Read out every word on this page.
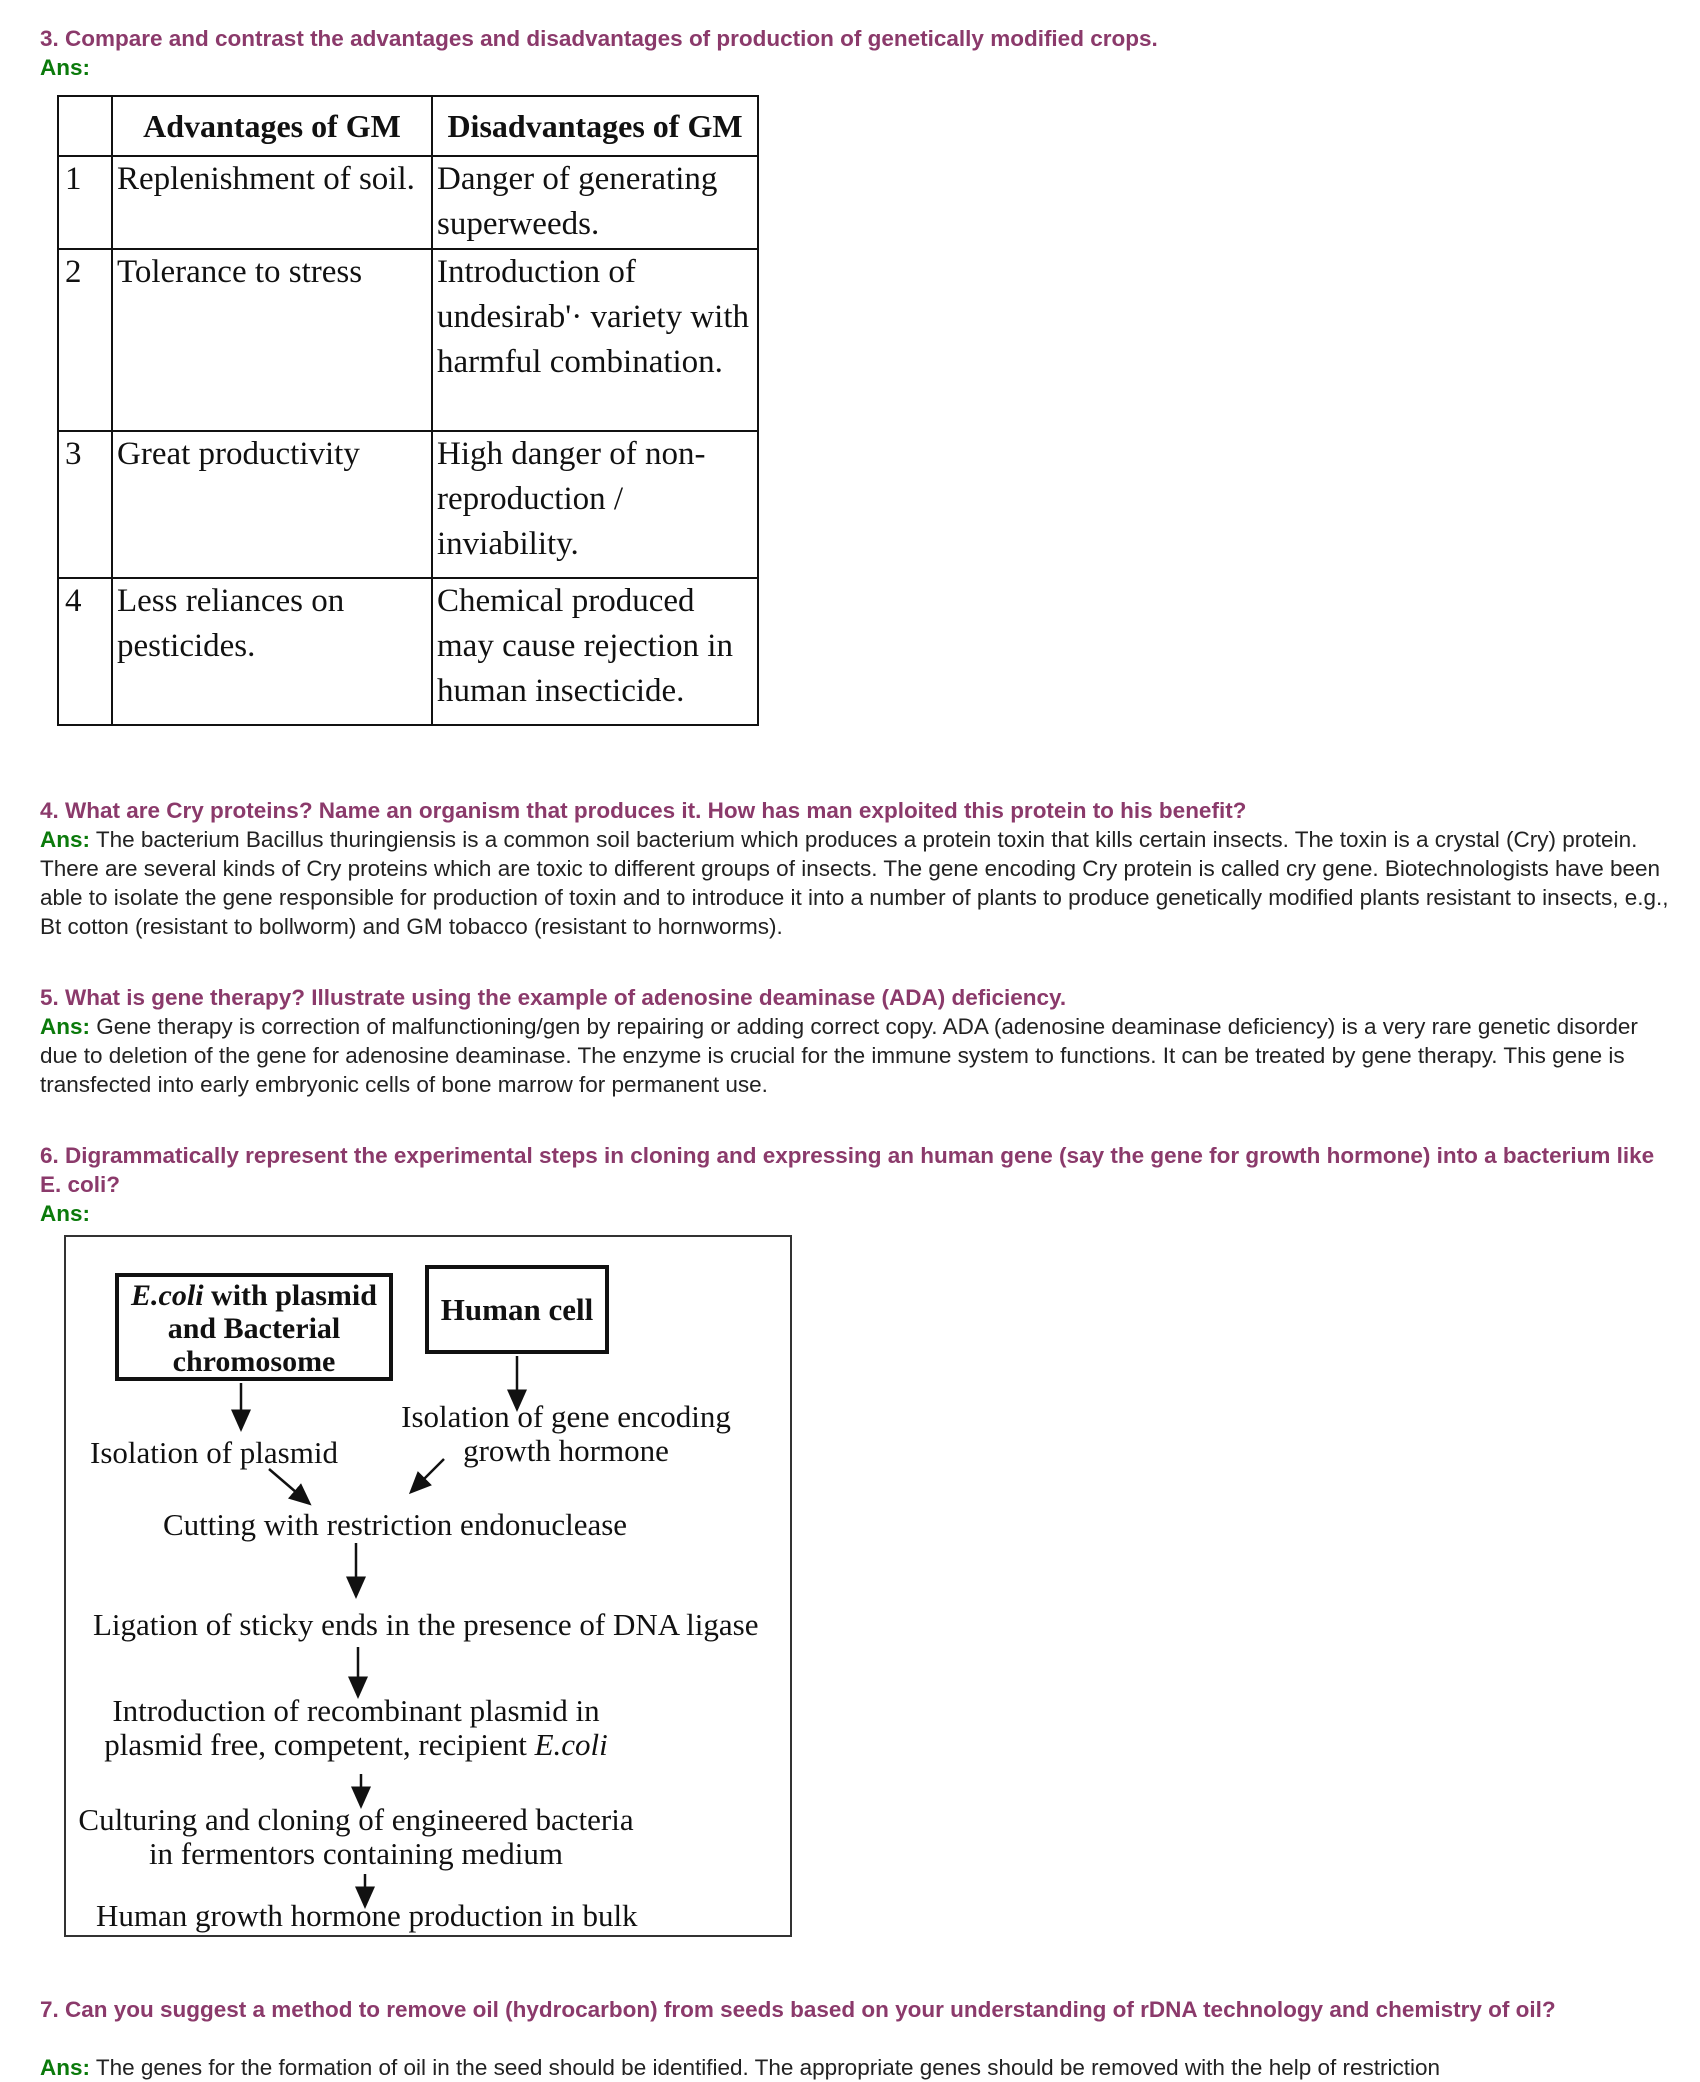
3. Compare and contrast the advantages and disadvantages of production of genetically modified crops.
Ans:
	Advantages of GM	Disadvantages of GM
1	Replenishment of soil.	Danger of generating superweeds.
2	Tolerance to stress	Introduction of undesirab'· variety with harmful combination.
3	Great productivity	High danger of non-reproduction / inviability.
4	Less reliances on pesticides.	Chemical produced may cause rejection in human insecticide.
4. What are Cry proteins? Name an organism that produces it. How has man exploited this protein to his benefit?
Ans: The bacterium Bacillus thuringiensis is a common soil bacterium which produces a protein toxin that kills certain insects. The toxin is a crystal (Cry) protein. There are several kinds of Cry proteins which are toxic to different groups of insects. The gene encoding Cry protein is called cry gene. Biotechnologists have been able to isolate the gene responsible for production of toxin and to introduce it into a number of plants to produce genetically modified plants resistant to insects, e.g., Bt cotton (resistant to bollworm) and GM tobacco (resistant to hornworms).
5. What is gene therapy? Illustrate using the example of adenosine deaminase (ADA) deficiency.
Ans: Gene therapy is correction of malfunctioning/gen by repairing or adding correct copy. ADA (adenosine deaminase deficiency) is a very rare genetic disorder due to deletion of the gene for adenosine deaminase. The enzyme is crucial for the immune system to functions. It can be treated by gene therapy. This gene is transfected into early embryonic cells of bone marrow for permanent use.
6. Digrammatically represent the experimental steps in cloning and expressing an human gene (say the gene for growth hormone) into a bacterium like E. coli?
Ans:
E.coli with plasmid
and Bacterial
chromosome
Human cell
Isolation of plasmid
Isolation of gene encoding
growth hormone
Cutting with restriction endonuclease
Ligation of sticky ends in the presence of DNA ligase
Introduction of recombinant plasmid in
plasmid free, competent, recipient E.coli
Culturing and cloning of engineered bacteria
in fermentors containing medium
Human growth hormone production in bulk
7. Can you suggest a method to remove oil (hydrocarbon) from seeds based on your understanding of rDNA technology and chemistry of oil?
Ans: The genes for the formation of oil in the seed should be identified. The appropriate genes should be removed with the help of restriction
